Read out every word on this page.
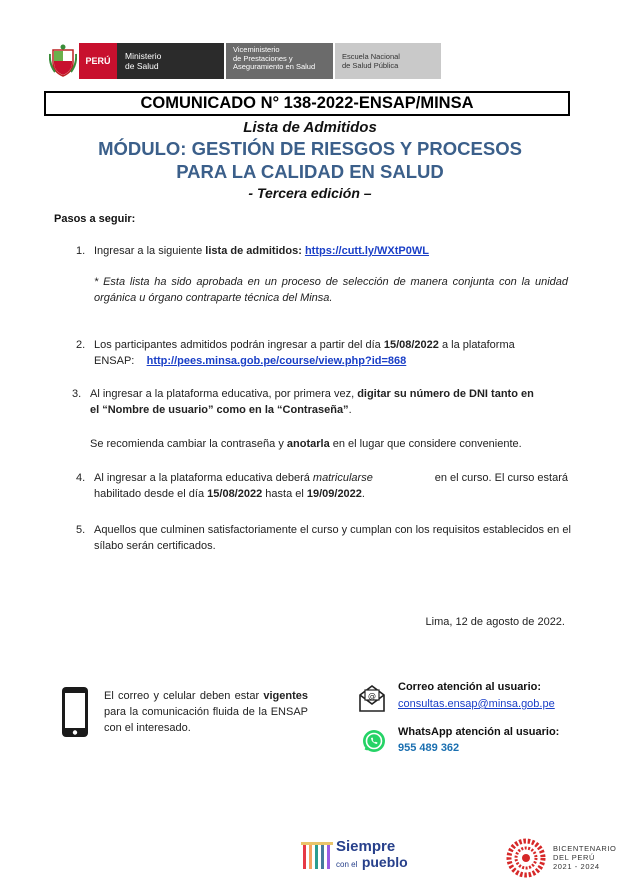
PERÚ	Ministerio
de Salud
Viceministerio
de Prestaciones y
Aseguramiento en Salud
Escuela Nacional
de Salud Pública
COMUNICADO N° 138-2022-ENSAP/MINSA
Lista de Admitidos
MÓDULO: GESTIÓN DE RIESGOS Y PROCESOS
PARA LA CALIDAD EN SALUD
- Tercera edición –
Pasos a seguir:
1. Ingresar a la siguiente lista de admitidos: https://cutt.ly/WXtP0WL
* Esta lista ha sido aprobada en un proceso de selección de manera conjunta con la unidad orgánica u órgano contraparte técnica del Minsa.
2. Los participantes admitidos podrán ingresar a partir del día 15/08/2022 a la plataforma
ENSAP: http://pees.minsa.gob.pe/course/view.php?id=868
3. Al ingresar a la plataforma educativa, por primera vez, digitar su número de DNI tanto en
el “Nombre de usuario” como en la “Contraseña”.
Se recomienda cambiar la contraseña y anotarla en el lugar que considere conveniente.
4. Al ingresar a la plataforma educativa deberá matricularse	en el curso. El curso estará
habilitado desde el día 15/08/2022 hasta el 19/09/2022.
5. Aquellos que culminen satisfactoriamente el curso y cumplan con los requisitos establecidos en el sílabo serán certificados.
Lima, 12 de agosto de 2022.
El correo y celular deben estar vigentes para la comunicación fluida de la ENSAP con el interesado.
@
Correo atención al usuario:
consultas.ensap@minsa.gob.pe
WhatsApp atención al usuario:
955 489 362
Siempre
con el pueblo
BICENTENARIO
DEL PERÚ
2021 - 2024
